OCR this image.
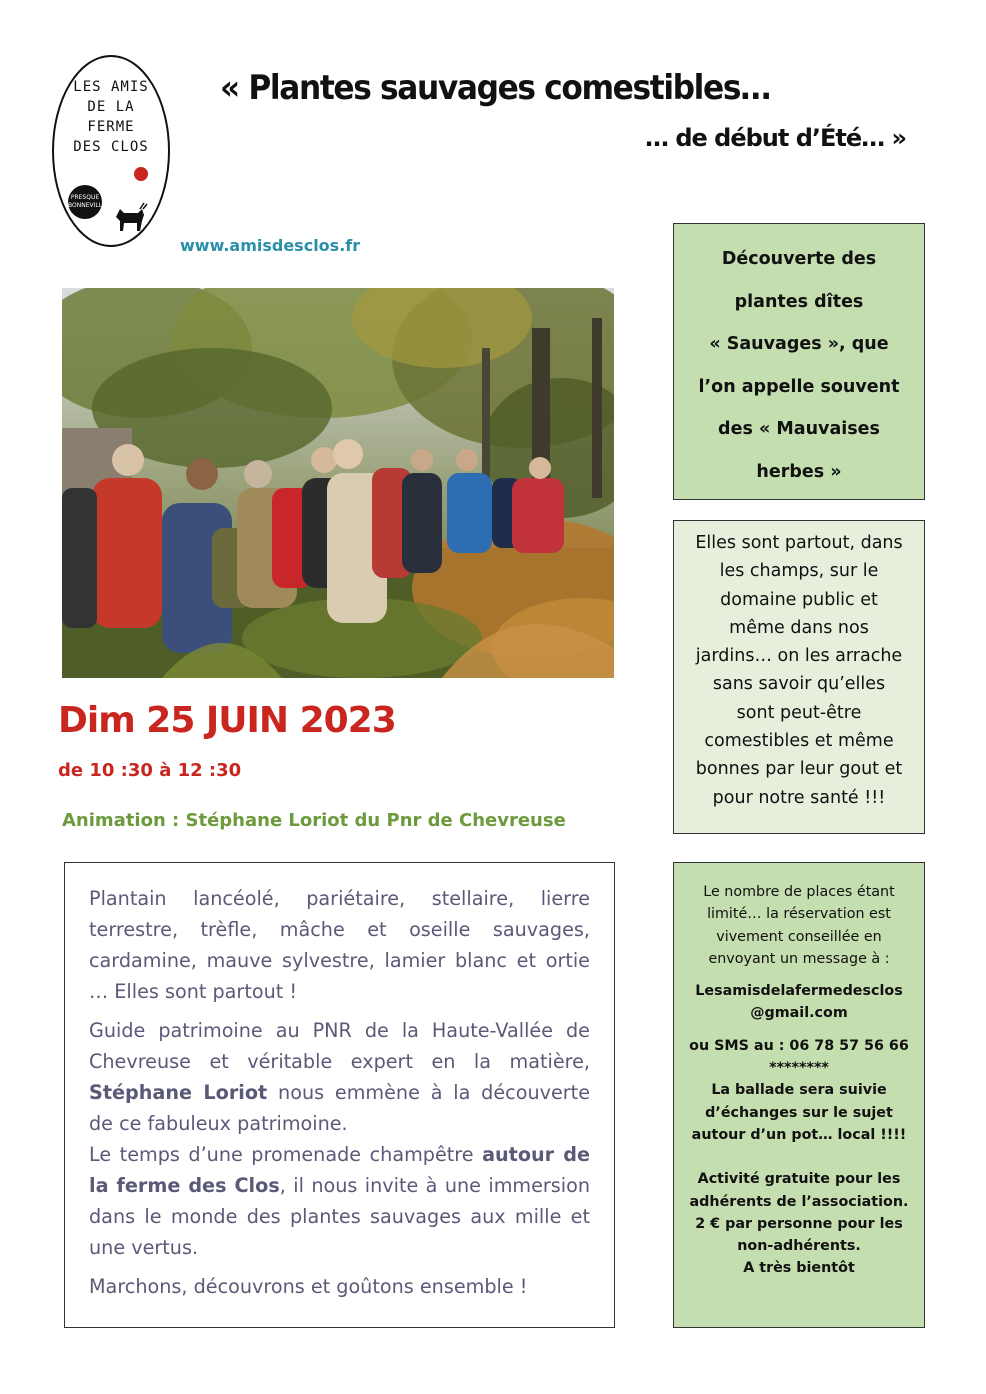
LES AMIS
DE LA
FERME
DES CLOS
PRESQUE BONNEVILLE!
www.amisdesclos.fr
« Plantes sauvages comestibles…
… de début d’Été… »
Dim 25 JUIN 2023
de 10 :30 à 12 :30
Animation : Stéphane Loriot du Pnr de Chevreuse

Plantain lancéolé, pariétaire, stellaire, lierre terrestre, trèfle, mâche et oseille sauvages, cardamine, mauve sylvestre, lamier blanc et ortie … Elles sont partout !

Guide patrimoine au PNR de la Haute-Vallée de Chevreuse et véritable expert en la matière, Stéphane Loriot nous emmène à la découverte de ce fabuleux patrimoine.

Le temps d’une promenade champêtre autour de la ferme des Clos, il nous invite à une immersion dans le monde des plantes sauvages aux mille et une vertus.

Marchons, découvrons et goûtons ensemble !

Découverte des
plantes dîtes
« Sauvages », que
l’on appelle souvent
des « Mauvaises
herbes »
Elles sont partout, dans
les champs, sur le
domaine public et
même dans nos
jardins… on les arrache
sans savoir qu’elles
sont peut-être
comestibles et même
bonnes par leur gout et
pour notre santé !!!
Le nombre de places étant
limité… la réservation est
vivement conseillée en
envoyant un message à :
Lesamisdelafermedesclos
@gmail.com
ou SMS au : 06 78 57 56 66
********
La ballade sera suivie
d’échanges sur le sujet
autour d’un pot… local !!!!
Activité gratuite pour les
adhérents de l’association.
2 € par personne pour les
non-adhérents.
A très bientôt
